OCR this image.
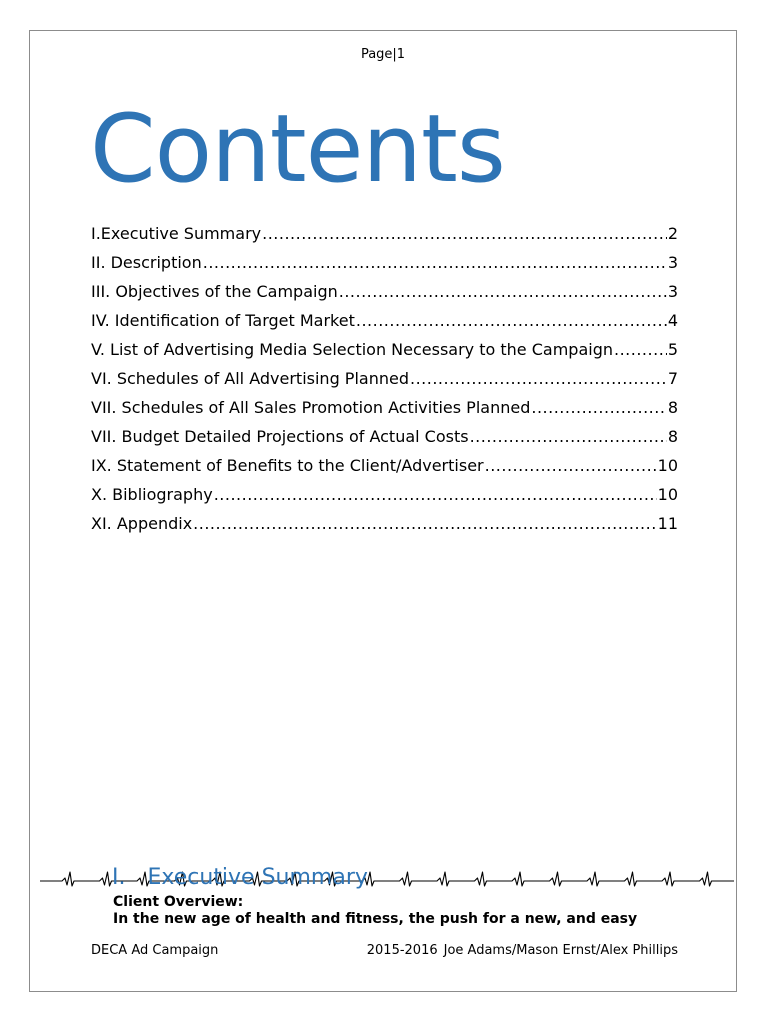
Page|1
Contents
I.Executive Summary .....	2
II. Description .....	3
III. Objectives of the Campaign .....	3
IV. Identification of Target Market .....	4
V. List of Advertising Media Selection Necessary to the Campaign .....	5
VI. Schedules of All Advertising Planned .....	7
VII. Schedules of All Sales Promotion Activities Planned .....	8
VII. Budget Detailed Projections of Actual Costs .....	8
IX. Statement of Benefits to the Client/Advertiser .....	10
X. Bibliography .....	10
XI. Appendix .....	11
I. Executive Summary
Client Overview:
In the new age of health and fitness, the push for a new, and easy
DECA Ad Campaign	2015-2016 Joe Adams/Mason Ernst/Alex Phillips
